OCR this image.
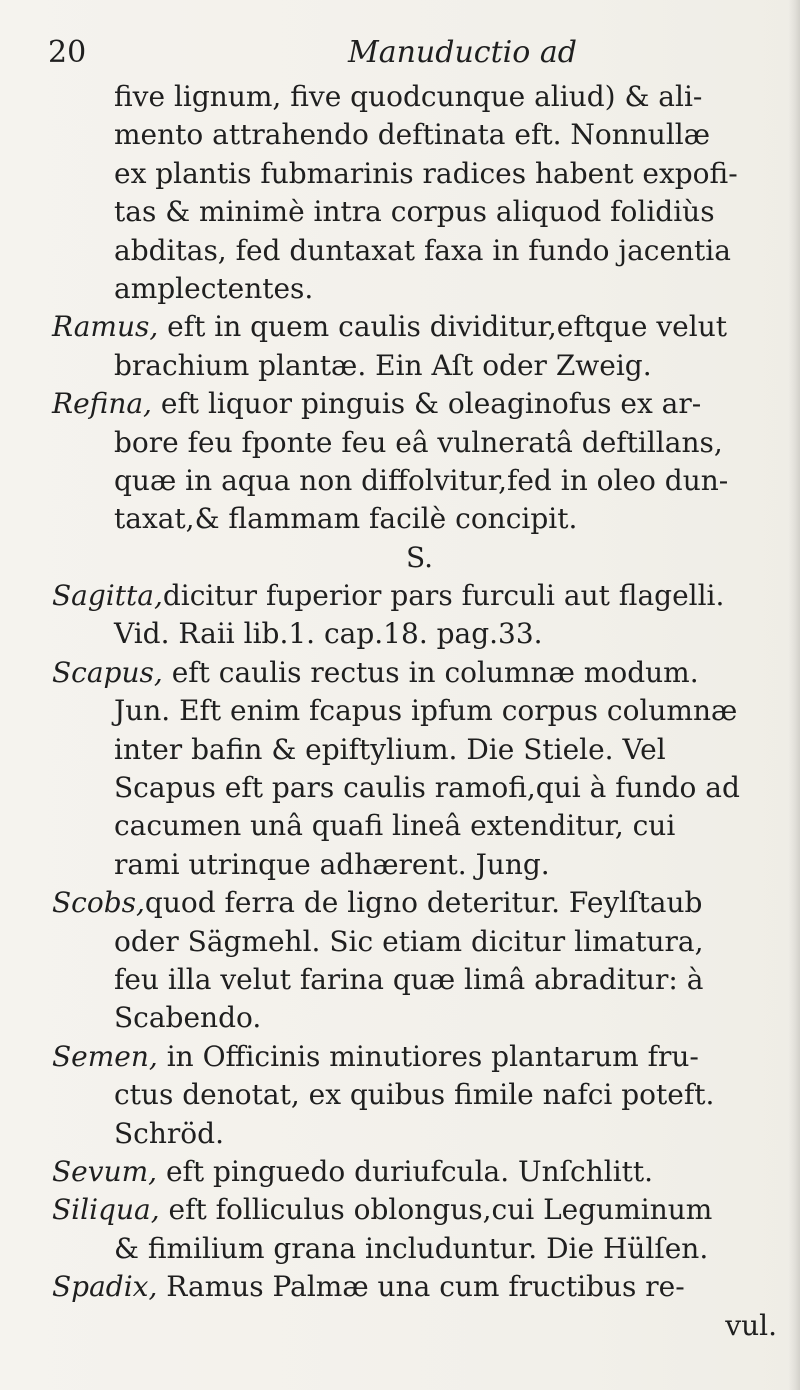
20	Manuductio ad
five lignum, five quodcunque aliud) & ali-
mento attrahendo deftinata eft. Nonnullæ
ex plantis fubmarinis radices habent expofi-
tas & minimè intra corpus aliquod folidiùs
abditas, fed duntaxat faxa in fundo jacentia
amplectentes.
Ramus, eft in quem caulis dividitur,eftque velut
brachium plantæ. Ein Aſt oder Zweig.
Refina, eft liquor pinguis & oleaginofus ex ar-
bore feu fponte feu eâ vulneratâ deftillans,
quæ in aqua non diffolvitur,fed in oleo dun-
taxat,& flammam facilè concipit.
S.
Sagitta,dicitur fuperior pars furculi aut flagelli.
Vid. Raii lib.1. cap.18. pag.33.
Scapus, eft caulis rectus in columnæ modum.
Jun. Eft enim fcapus ipfum corpus columnæ
inter bafin & epiftylium. Die Stiele. Vel
Scapus eft pars caulis ramofi,qui à fundo ad
cacumen unâ quafi lineâ extenditur, cui
rami utrinque adhærent. Jung.
Scobs,quod ferra de ligno deteritur. Feylſtaub
oder Sägmehl. Sic etiam dicitur limatura,
feu illa velut farina quæ limâ abraditur: à
Scabendo.
Semen, in Officinis minutiores plantarum fru-
ctus denotat, ex quibus fimile nafci poteft.
Schröd.
Sevum, eft pinguedo duriufcula. Unſchlitt.
Siliqua, eft folliculus oblongus,cui Leguminum
& fimilium grana includuntur. Die Hülſen.
Spadix, Ramus Palmæ una cum fructibus re-
vul.
